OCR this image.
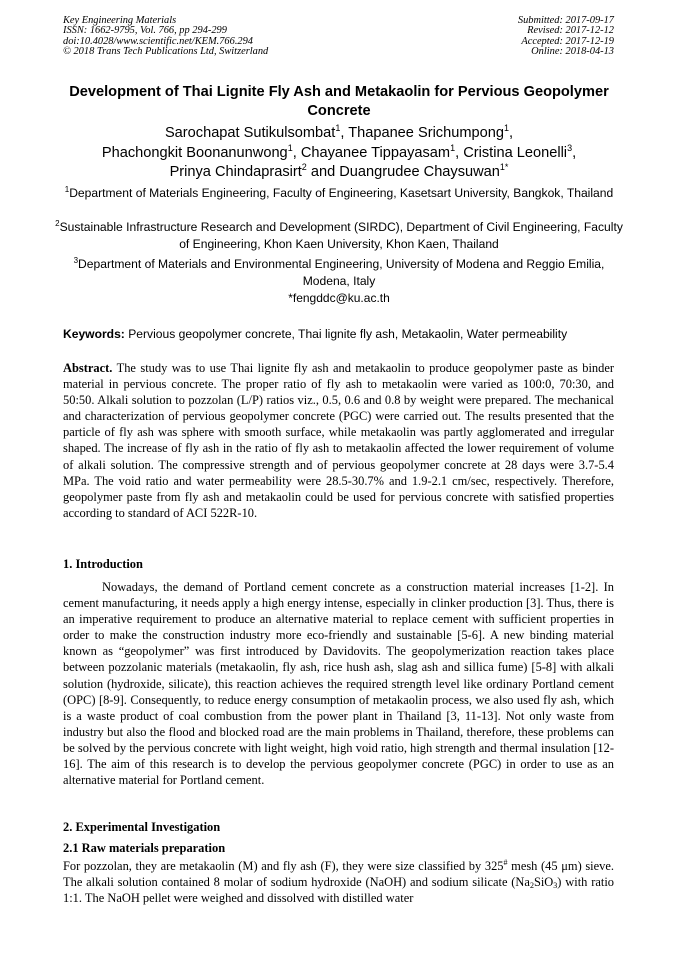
Key Engineering Materials
ISSN: 1662-9795, Vol. 766, pp 294-299
doi:10.4028/www.scientific.net/KEM.766.294
© 2018 Trans Tech Publications Ltd, Switzerland
Submitted: 2017-09-17
Revised: 2017-12-12
Accepted: 2017-12-19
Online: 2018-04-13
Development of Thai Lignite Fly Ash and Metakaolin for Pervious Geopolymer Concrete
Sarochapat Sutikulsombat$^1$, Thapanee Srichumpong$^1$,
Phachongkit Boonanunwong$^1$, Chayanee Tippayasam$^1$, Cristina Leonelli$^3$,
Prinya Chindaprasirt$^2$ and Duangrudee Chaysuwan$^{1*}$
$^1$Department of Materials Engineering, Faculty of Engineering, Kasetsart University, Bangkok, Thailand
$^2$Sustainable Infrastructure Research and Development (SIRDC), Department of Civil Engineering, Faculty of Engineering, Khon Kaen University, Khon Kaen, Thailand
$^3$Department of Materials and Environmental Engineering, University of Modena and Reggio Emilia, Modena, Italy
*fengddc@ku.ac.th
Keywords: Pervious geopolymer concrete, Thai lignite fly ash, Metakaolin, Water permeability
Abstract. The study was to use Thai lignite fly ash and metakaolin to produce geopolymer paste as binder material in pervious concrete. The proper ratio of fly ash to metakaolin were varied as 100:0, 70:30, and 50:50. Alkali solution to pozzolan (L/P) ratios viz., 0.5, 0.6 and 0.8 by weight were prepared. The mechanical and characterization of pervious geopolymer concrete (PGC) were carried out. The results presented that the particle of fly ash was sphere with smooth surface, while metakaolin was partly agglomerated and irregular shaped. The increase of fly ash in the ratio of fly ash to metakaolin affected the lower requirement of volume of alkali solution. The compressive strength and of pervious geopolymer concrete at 28 days were 3.7-5.4 MPa. The void ratio and water permeability were 28.5-30.7% and 1.9-2.1 cm/sec, respectively. Therefore, geopolymer paste from fly ash and metakaolin could be used for pervious concrete with satisfied properties according to standard of ACI 522R-10.
1. Introduction
Nowadays, the demand of Portland cement concrete as a construction material increases [1-2]. In cement manufacturing, it needs apply a high energy intense, especially in clinker production [3]. Thus, there is an imperative requirement to produce an alternative material to replace cement with sufficient properties in order to make the construction industry more eco-friendly and sustainable [5-6]. A new binding material known as “geopolymer” was first introduced by Davidovits. The geopolymerization reaction takes place between pozzolanic materials (metakaolin, fly ash, rice hush ash, slag ash and sillica fume) [5-8] with alkali solution (hydroxide, silicate), this reaction achieves the required strength level like ordinary Portland cement (OPC) [8-9]. Consequently, to reduce energy consumption of metakaolin process, we also used fly ash, which is a waste product of coal combustion from the power plant in Thailand [3, 11-13]. Not only waste from industry but also the flood and blocked road are the main problems in Thailand, therefore, these problems can be solved by the pervious concrete with light weight, high void ratio, high strength and thermal insulation [12-16]. The aim of this research is to develop the pervious geopolymer concrete (PGC) in order to use as an alternative material for Portland cement.
2. Experimental Investigation
2.1 Raw materials preparation
For pozzolan, they are metakaolin (M) and fly ash (F), they were size classified by 325# mesh (45 μm) sieve. The alkali solution contained 8 molar of sodium hydroxide (NaOH) and sodium silicate $(Na_2SiO_3)$ with ratio 1:1. The NaOH pellet were weighed and dissolved with distilled water
